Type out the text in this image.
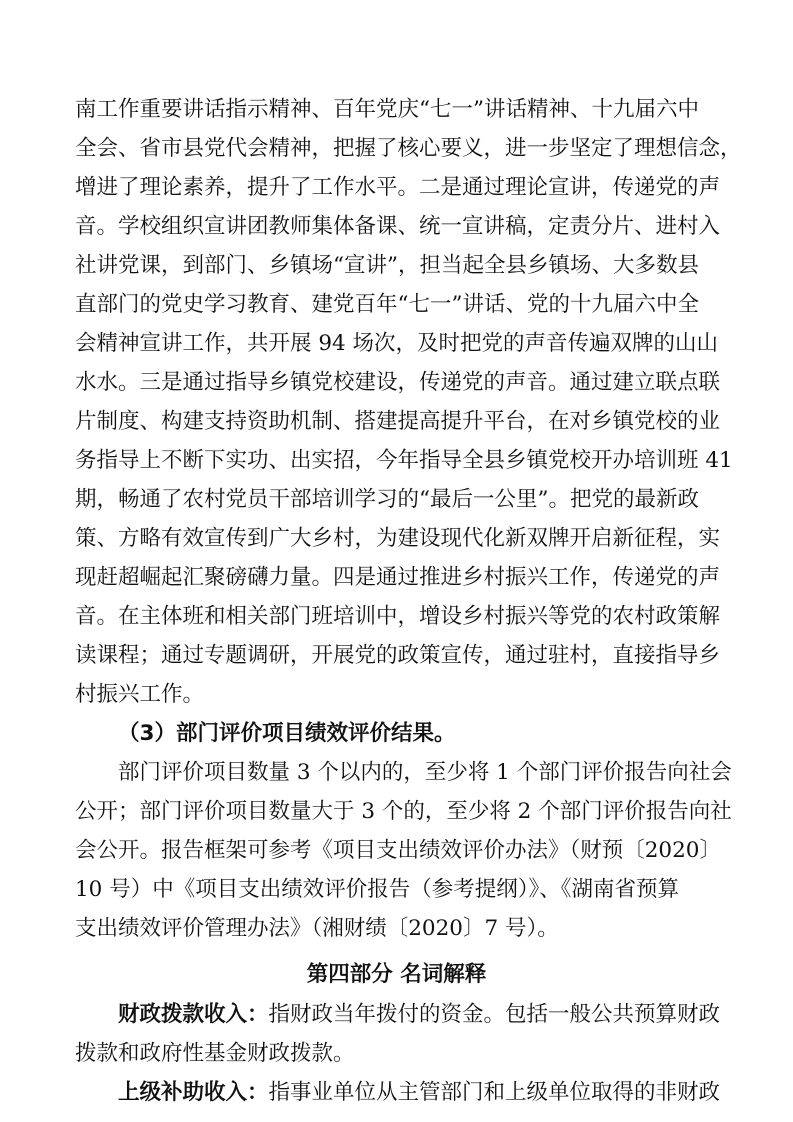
南工作重要讲话指示精神、百年党庆“七一”讲话精神、十九届六中
全会、省市县党代会精神，把握了核心要义，进一步坚定了理想信念，
增进了理论素养，提升了工作水平。二是通过理论宣讲，传递党的声
音。学校组织宣讲团教师集体备课、统一宣讲稿，定责分片、进村入
社讲党课，到部门、乡镇场“宣讲”，担当起全县乡镇场、大多数县
直部门的党史学习教育、建党百年“七一”讲话、党的十九届六中全
会精神宣讲工作，共开展 94 场次，及时把党的声音传遍双牌的山山
水水。三是通过指导乡镇党校建设，传递党的声音。通过建立联点联
片制度、构建支持资助机制、搭建提高提升平台，在对乡镇党校的业
务指导上不断下实功、出实招，今年指导全县乡镇党校开办培训班 41
期，畅通了农村党员干部培训学习的“最后一公里”。把党的最新政
策、方略有效宣传到广大乡村，为建设现代化新双牌开启新征程，实
现赶超崛起汇聚磅礴力量。四是通过推进乡村振兴工作，传递党的声
音。在主体班和相关部门班培训中，增设乡村振兴等党的农村政策解
读课程；通过专题调研，开展党的政策宣传，通过驻村，直接指导乡
村振兴工作。
（3）部门评价项目绩效评价结果。
部门评价项目数量 3 个以内的，至少将 1 个部门评价报告向社会
公开；部门评价项目数量大于 3 个的，至少将 2 个部门评价报告向社
会公开。报告框架可参考《项目支出绩效评价办法》（财预〔2020〕
10 号）中《项目支出绩效评价报告（参考提纲）》、《湖南省预算
支出绩效评价管理办法》（湘财绩〔2020〕7 号）。
第四部分 名词解释
财政拨款收入：指财政当年拨付的资金。包括一般公共预算财政
拨款和政府性基金财政拨款。
上级补助收入：指事业单位从主管部门和上级单位取得的非财政
